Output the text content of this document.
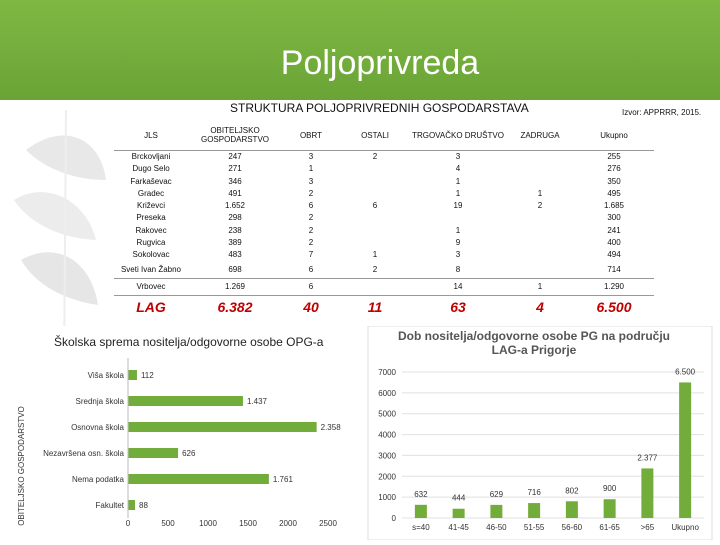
Poljoprivreda
STRUKTURA POLJOPRIVREDNIH GOSPODARSTAVA	Izvor: APPRRR, 2015.
JLS	OBITELJSKO GOSPODARSTVO	OBRT	OSTALI	TRGOVAČKO DRUŠTVO	ZADRUGA	Ukupno
Brckovljani	247	3	2	3		255
Dugo Selo	271	1		4		276
Farkaševac	346	3		1		350
Gradec	491	2		1	1	495
Križevci	1.652	6	6	19	2	1.685
Preseka	298	2				300
Rakovec	238	2		1		241
Rugvica	389	2		9		400
Sokolovac	483	7	1	3		494
Sveti Ivan Žabno	698	6	2	8		714
Vrbovec	1.269	6		14	1	1.290
LAG	6.382	40	11	63	4	6.500
Školska sprema nositelja/odgovorne osobe OPG-a
OBITELJSKO GOSPODARSTVO
Viša škola 112
Srednja škola	1.437
Osnovna škola	2.358
Nezavršena osn. škola	626
Nema podatka	1.761
Fakultet 88
0	500	1000	1500	2000	2500
Dob nositelja/odgovorne osobe PG na području
LAG-a Prigorje
0
1000
2000
3000
4000
5000
6000
7000
632
s=40
444
41-45
629
46-50
716
51-55
802
56-60
900
61-65
2.377
>65
6.500
Ukupno
